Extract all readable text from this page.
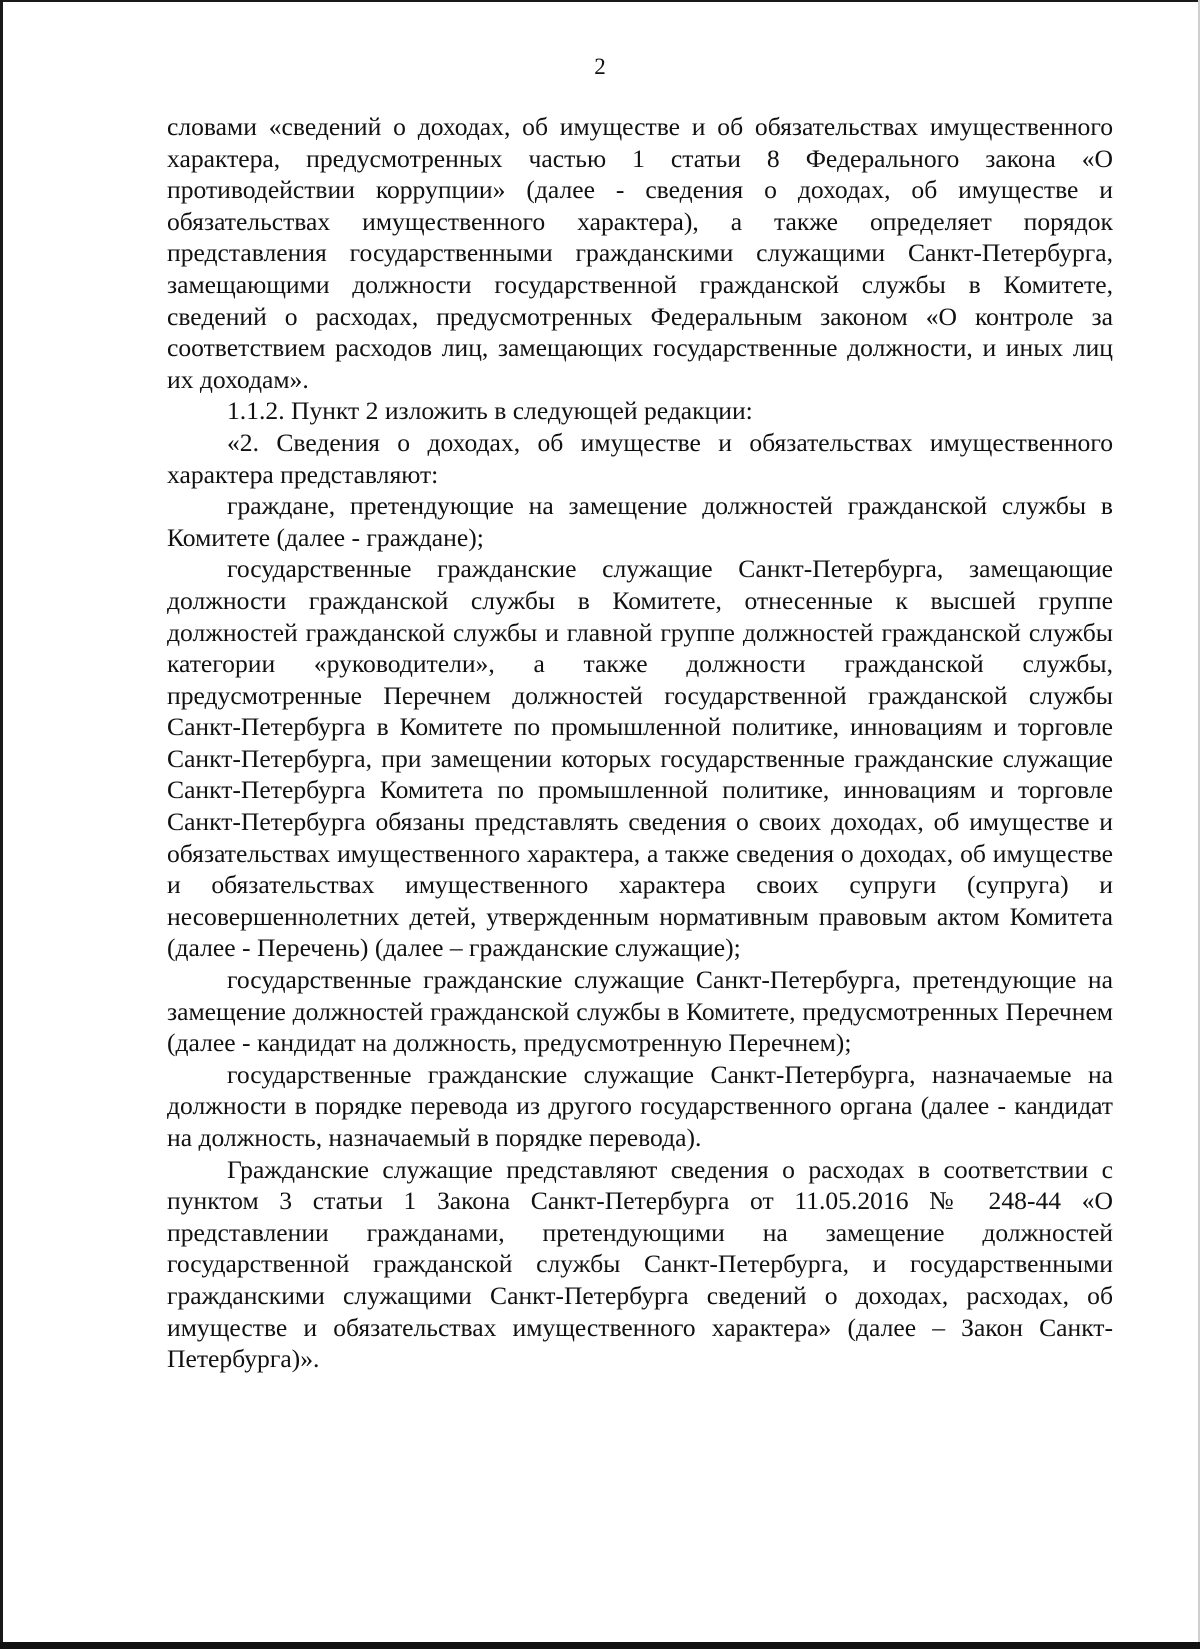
2

словами «сведений о доходах, об имуществе и об обязательствах имущественного характера, предусмотренных частью 1 статьи 8 Федерального закона «О противодействии коррупции» (далее - сведения о доходах, об имуществе и обязательствах имущественного характера), а также определяет порядок представления государственными гражданскими служащими Санкт-Петербурга, замещающими должности государственной гражданской службы в Комитете, сведений о расходах, предусмотренных Федеральным законом «О контроле за соответствием расходов лиц, замещающих государственные должности, и иных лиц их доходам».

1.1.2. Пункт 2 изложить в следующей редакции:

«2. Сведения о доходах, об имуществе и обязательствах имущественного характера представляют:

граждане, претендующие на замещение должностей гражданской службы в Комитете (далее - граждане);

государственные гражданские служащие Санкт-Петербурга, замещающие должности гражданской службы в Комитете, отнесенные к высшей группе должностей гражданской службы и главной группе должностей гражданской службы категории «руководители», а также должности гражданской службы, предусмотренные Перечнем должностей государственной гражданской службы Санкт-Петербурга в Комитете по промышленной политике, инновациям и торговле Санкт-Петербурга, при замещении которых государственные гражданские служащие Санкт-Петербурга Комитета по промышленной политике, инновациям и торговле Санкт-Петербурга обязаны представлять сведения о своих доходах, об имуществе и обязательствах имущественного характера, а также сведения о доходах, об имуществе и обязательствах имущественного характера своих супруги (супруга) и несовершеннолетних детей, утвержденным нормативным правовым актом Комитета (далее - Перечень) (далее – гражданские служащие);

государственные гражданские служащие Санкт-Петербурга, претендующие на замещение должностей гражданской службы в Комитете, предусмотренных Перечнем (далее - кандидат на должность, предусмотренную Перечнем);

государственные гражданские служащие Санкт-Петербурга, назначаемые на должности в порядке перевода из другого государственного органа (далее - кандидат на должность, назначаемый в порядке перевода).

Гражданские служащие представляют сведения о расходах в соответствии с пунктом 3 статьи 1 Закона Санкт-Петербурга от 11.05.2016 № 248-44 «О представлении гражданами, претендующими на замещение должностей государственной гражданской службы Санкт-Петербурга, и государственными гражданскими служащими Санкт-Петербурга сведений о доходах, расходах, об имуществе и обязательствах имущественного характера» (далее – Закон Санкт-Петербурга)».
